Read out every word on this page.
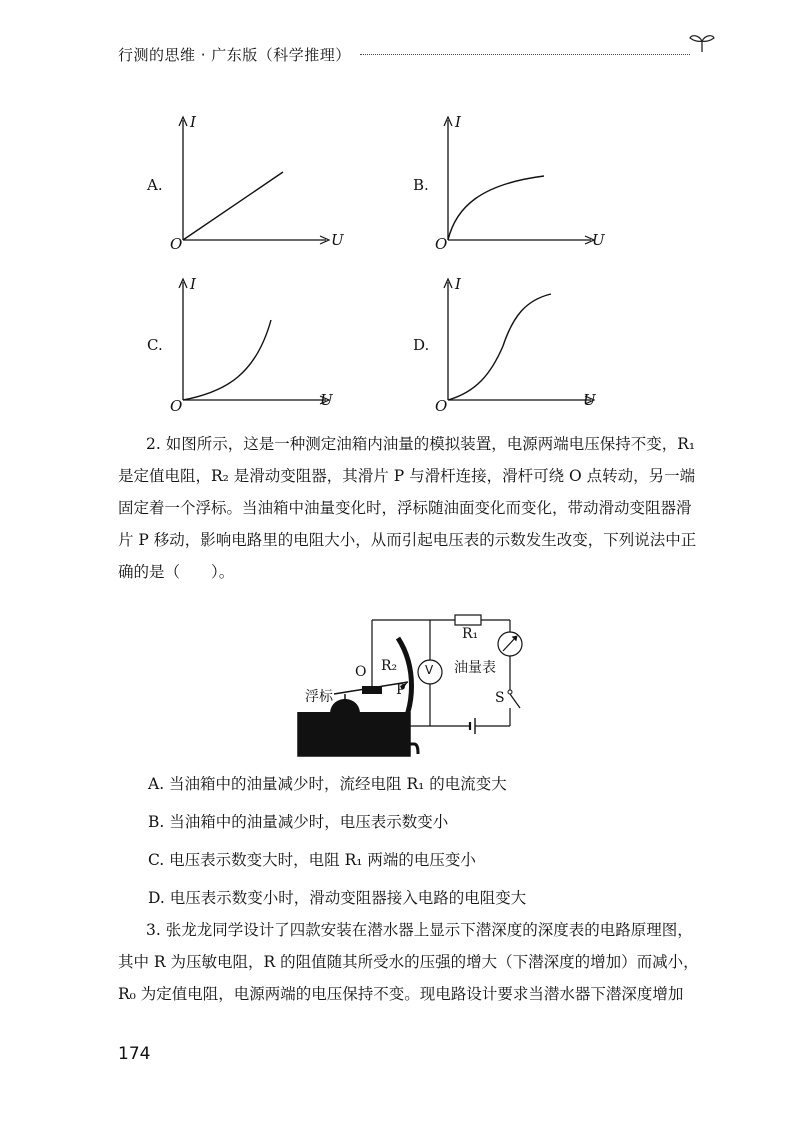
行测的思维 · 广东版（科学推理）
A.
I
U
O
B.
I
U
O
C.
I
U
O
D.
I
U
O
2. 如图所示，这是一种测定油箱内油量的模拟装置，电源两端电压保持不变，R₁
是定值电阻，R₂ 是滑动变阻器，其滑片 P 与滑杆连接，滑杆可绕 O 点转动，另一端
固定着一个浮标。当油箱中油量变化时，浮标随油面变化而变化，带动滑动变阻器滑
片 P 移动，影响电路里的电阻大小，从而引起电压表的示数发生改变，下列说法中正
确的是（　　）。
R₁
R₂
O
P
V 油量表
S
浮标
A. 当油箱中的油量减少时，流经电阻 R₁ 的电流变大
B. 当油箱中的油量减少时，电压表示数变小
C. 电压表示数变大时，电阻 R₁ 两端的电压变小
D. 电压表示数变小时，滑动变阻器接入电路的电阻变大
3. 张龙龙同学设计了四款安装在潜水器上显示下潜深度的深度表的电路原理图，
其中 R 为压敏电阻，R 的阻值随其所受水的压强的增大（下潜深度的增加）而减小，
R₀ 为定值电阻，电源两端的电压保持不变。现电路设计要求当潜水器下潜深度增加
174
